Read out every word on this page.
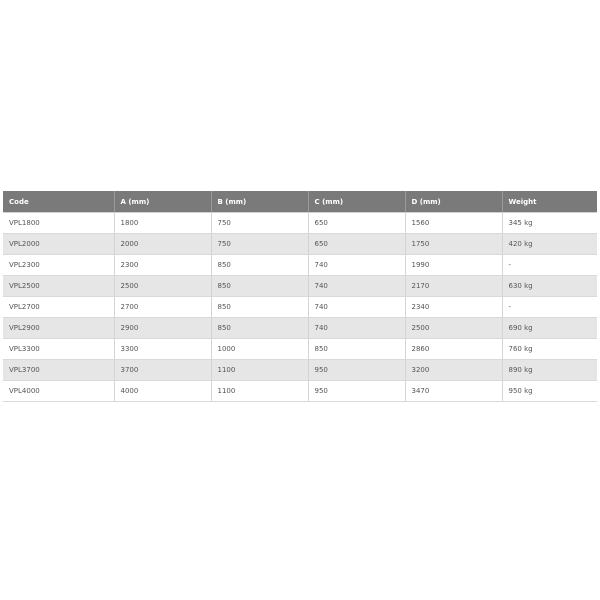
Code	A (mm)	B (mm)	C (mm)	D (mm)	Weight
VPL1800	1800	750	650	1560	345 kg
VPL2000	2000	750	650	1750	420 kg
VPL2300	2300	850	740	1990	-
VPL2500	2500	850	740	2170	630 kg
VPL2700	2700	850	740	2340	-
VPL2900	2900	850	740	2500	690 kg
VPL3300	3300	1000	850	2860	760 kg
VPL3700	3700	1100	950	3200	890 kg
VPL4000	4000	1100	950	3470	950 kg
